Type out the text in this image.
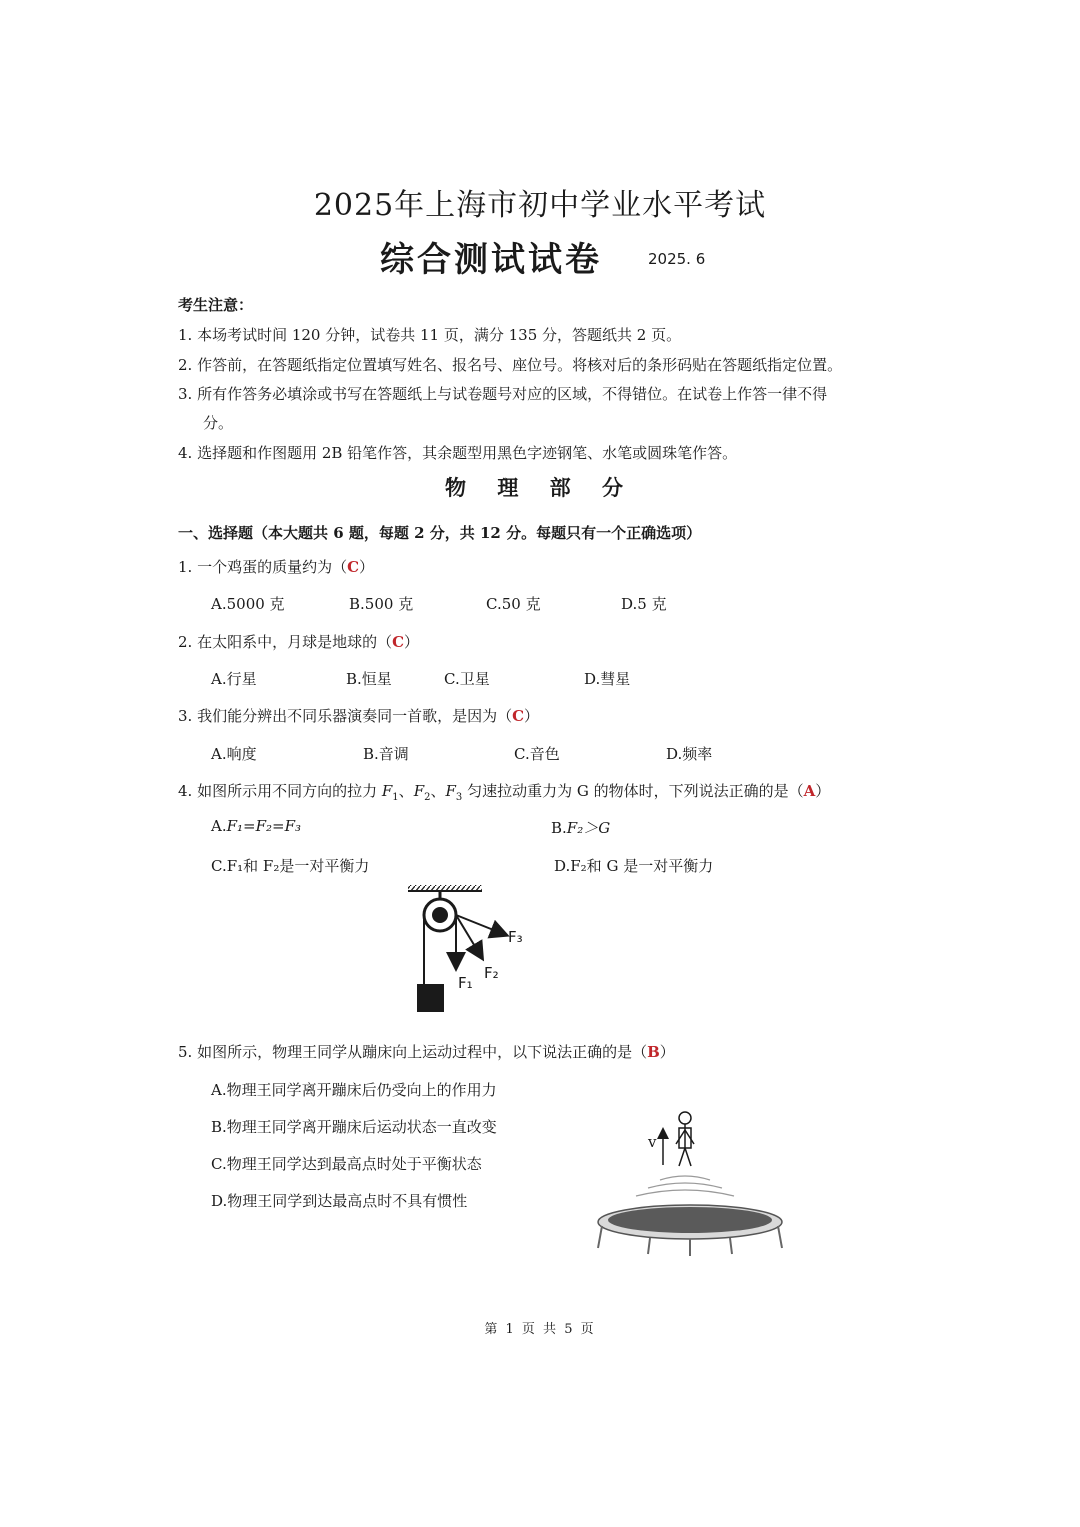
2025年上海市初中学业水平考试
综合测试试卷	2025. 6
考生注意：
1. 本场考试时间 120 分钟，试卷共 11 页，满分 135 分，答题纸共 2 页。
2. 作答前，在答题纸指定位置填写姓名、报名号、座位号。将核对后的条形码贴在答题纸指定位置。
3. 所有作答务必填涂或书写在答题纸上与试卷题号对应的区域，不得错位。在试卷上作答一律不得
分。
4. 选择题和作图题用 2B 铅笔作答，其余题型用黑色字迹钢笔、水笔或圆珠笔作答。
物 理 部 分
一、选择题（本大题共 6 题，每题 2 分，共 12 分。每题只有一个正确选项）
1. 一个鸡蛋的质量约为（C）
A.5000 克	B.500 克	C.50 克	D.5 克
2. 在太阳系中，月球是地球的（C）
A.行星	B.恒星	C.卫星	D.彗星
3. 我们能分辨出不同乐器演奏同一首歌，是因为（C）
A.响度	B.音调	C.音色	D.频率
4. 如图所示用不同方向的拉力 $F_1$、$F_2$、$F_3$ 匀速拉动重力为 G 的物体时，下列说法正确的是（A）
A.F₁=F₂=F₃	B.F₂＞G
C.F₁和 F₂是一对平衡力	D.F₂和 G 是一对平衡力
F₁
F₂
F₃
5. 如图所示，物理王同学从蹦床向上运动过程中，以下说法正确的是（B）
A.物理王同学离开蹦床后仍受向上的作用力
B.物理王同学离开蹦床后运动状态一直改变
C.物理王同学达到最高点时处于平衡状态
D.物理王同学到达最高点时不具有惯性
v
第 1 页 共 5 页
